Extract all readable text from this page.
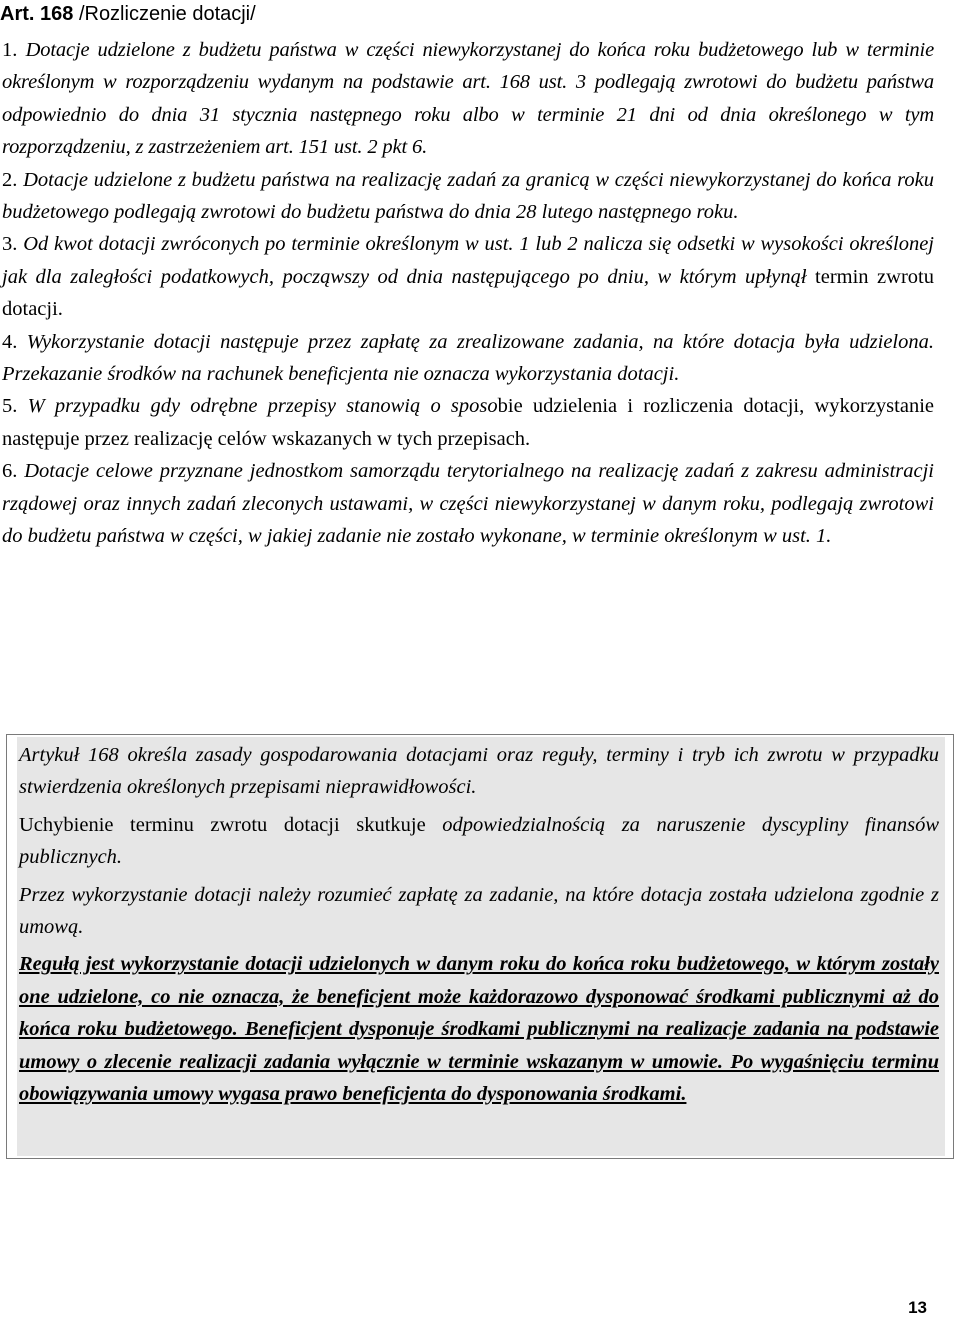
Art. 168 /Rozliczenie dotacji/

1. Dotacje udzielone z budżetu państwa w części niewykorzystanej do końca roku budżetowego lub w terminie określonym w rozporządzeniu wydanym na podstawie art. 168 ust. 3 podlegają zwrotowi do budżetu państwa odpowiednio do dnia 31 stycznia następnego roku albo w terminie 21 dni od dnia określonego w tym rozporządzeniu, z zastrzeżeniem art. 151 ust. 2 pkt 6.

2. Dotacje udzielone z budżetu państwa na realizację zadań za granicą w części niewykorzystanej do końca roku budżetowego podlegają zwrotowi do budżetu państwa do dnia 28 lutego następnego roku.

3. Od kwot dotacji zwróconych po terminie określonym w ust. 1 lub 2 nalicza się odsetki w wysokości określonej jak dla zaległości podatkowych, począwszy od dnia następującego po dniu, w którym upłynął termin zwrotu dotacji.

4. Wykorzystanie dotacji następuje przez zapłatę za zrealizowane zadania, na które dotacja była udzielona. Przekazanie środków na rachunek beneficjenta nie oznacza wykorzystania dotacji.

5. W przypadku gdy odrębne przepisy stanowią o sposobie udzielenia i rozliczenia dotacji, wykorzystanie następuje przez realizację celów wskazanych w tych przepisach.

6. Dotacje celowe przyznane jednostkom samorządu terytorialnego na realizację zadań z zakresu administracji rządowej oraz innych zadań zleconych ustawami, w części niewykorzystanej w danym roku, podlegają zwrotowi do budżetu państwa w części, w jakiej zadanie nie zostało wykonane, w terminie określonym w ust. 1.

Artykuł 168 określa zasady gospodarowania dotacjami oraz reguły, terminy i tryb ich zwrotu w przypadku stwierdzenia określonych przepisami nieprawidłowości.

Uchybienie terminu zwrotu dotacji skutkuje odpowiedzialnością za naruszenie dyscypliny finansów publicznych.

Przez wykorzystanie dotacji należy rozumieć zapłatę za zadanie, na które dotacja została udzielona zgodnie z umową.

Regułą jest wykorzystanie dotacji udzielonych w danym roku do końca roku budżetowego, w którym zostały one udzielone, co nie oznacza, że beneficjent może każdorazowo dysponować środkami publicznymi aż do końca roku budżetowego. Beneficjent dysponuje środkami publicznymi na realizacje zadania na podstawie umowy o zlecenie realizacji zadania wyłącznie w terminie wskazanym w umowie. Po wygaśnięciu terminu obowiązywania umowy wygasa prawo beneficjenta do dysponowania środkami.

13
